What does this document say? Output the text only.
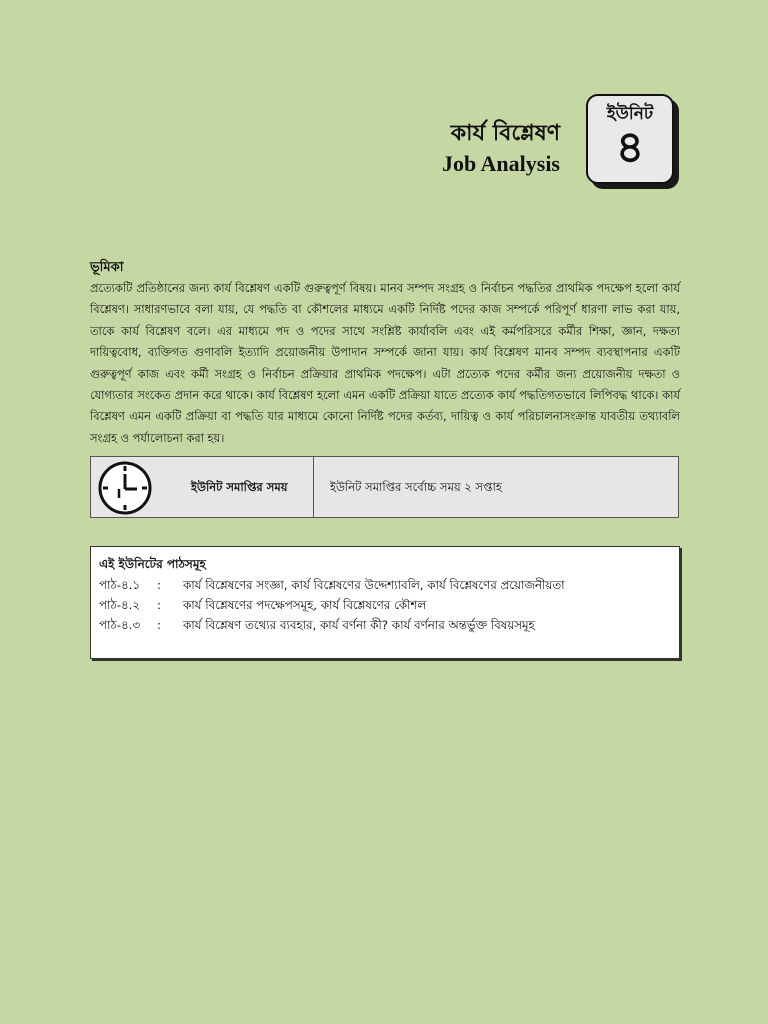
কার্য বিশ্লেষণ
Job Analysis
ইউনিট
৪
ভূমিকা

প্রত্যেকটি প্রতিষ্ঠানের জন্য কার্য বিশ্লেষণ একটি গুরুত্বপূর্ণ বিষয়। মানব সম্পদ সংগ্রহ ও নির্বাচন পদ্ধতির প্রাথমিক পদক্ষেপ হলো কার্য বিশ্লেষণ। সাধারণভাবে বলা যায়, যে পদ্ধতি বা কৌশলের মাধ্যমে একটি নির্দিষ্ট পদের কাজ সম্পর্কে পরিপূর্ণ ধারণা লাভ করা যায়, তাকে কার্য বিশ্লেষণ বলে। এর মাধ্যমে পদ ও পদের সাথে সংশ্লিষ্ট কার্যাবলি এবং এই কর্মপরিসরে কর্মীর শিক্ষা, জ্ঞান, দক্ষতা দায়িত্ববোধ, ব্যক্তিগত গুণাবলি ইত্যাদি প্রয়োজনীয় উপাদান সম্পর্কে জানা যায়। কার্য বিশ্লেষণ মানব সম্পদ ব্যবস্থাপনার একটি গুরুত্বপূর্ণ কাজ এবং কর্মী সংগ্রহ ও নির্বাচন প্রক্রিয়ার প্রাথমিক পদক্ষেপ। এটা প্রত্যেক পদের কর্মীর জন্য প্রয়োজনীয় দক্ষতা ও যোগ্যতার সংকেত প্রদান করে থাকে। কার্য বিশ্লেষণ হলো এমন একটি প্রক্রিয়া যাতে প্রত্যেক কার্য পদ্ধতিগতভাবে লিপিবদ্ধ থাকে। কার্য বিশ্লেষণ এমন একটি প্রক্রিয়া বা পদ্ধতি যার মাধ্যমে কোনো নির্দিষ্ট পদের কর্তব্য, দায়িত্ব ও কার্য পরিচালনাসংক্রান্ত যাবতীয় তথ্যাবলি সংগ্রহ ও পর্যালোচনা করা হয়।

ইউনিট সমাপ্তির সময়	ইউনিট সমাপ্তির সর্বোচ্চ সময় ২ সপ্তাহ
এই ইউনিটের পাঠসমূহ
পাঠ-৪.১	:	কার্য বিশ্লেষণের সংজ্ঞা, কার্য বিশ্লেষণের উদ্দেশ্যাবলি, কার্য বিশ্লেষণের প্রয়োজনীয়তা
পাঠ-৪.২	:	কার্য বিশ্লেষণের পদক্ষেপসমূহ, কার্য বিশ্লেষণের কৌশল
পাঠ-৪.৩	:	কার্য বিশ্লেষণ তথ্যের ব্যবহার, কার্য বর্ণনা কী? কার্য বর্ণনার অন্তর্ভুক্ত বিষয়সমূহ
